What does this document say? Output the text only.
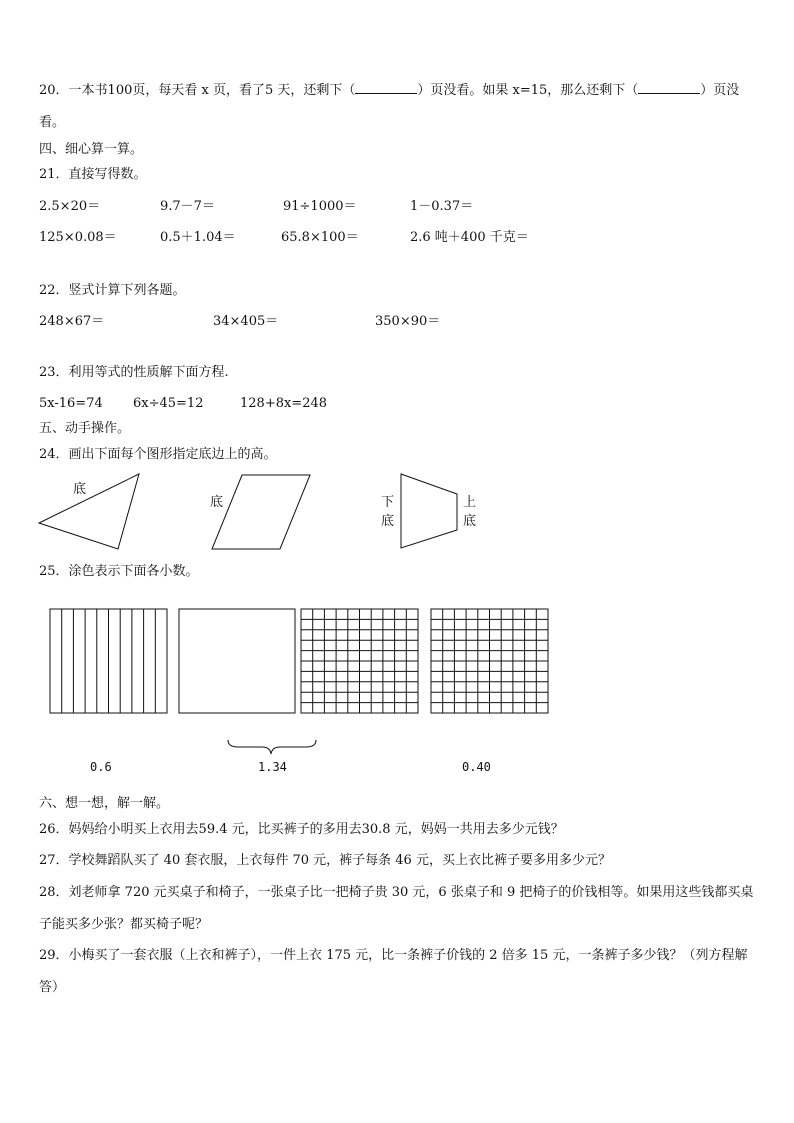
20．一本书100页，每天看 x 页，看了5 天，还剩下（	）页没看。如果 x=15，那么还剩下（	）页没看。
四、细心算一算。
21．直接写得数。
2.5×20＝	9.7－7＝	91÷1000＝	1－0.37＝
125×0.08＝	0.5＋1.04＝	65.8×100＝	2.6 吨＋400 千克＝
22．竖式计算下列各题。
248×67＝	34×405＝	350×90＝
23．利用等式的性质解下面方程.
5x-16=74 6x÷45=12	128+8x=248
五、动手操作。
24．画出下面每个图形指定底边上的高。
底
底	下
底
上
底
25．涂色表示下面各小数。
0.6	1.34	0.40
六、想一想，解一解。
26．妈妈给小明买上衣用去59.4 元，比买裤子的多用去30.8 元，妈妈一共用去多少元钱？
27．学校舞蹈队买了 40 套衣服，上衣每件 70 元，裤子每条 46 元，买上衣比裤子要多用多少元？
28．刘老师拿 720 元买桌子和椅子，一张桌子比一把椅子贵 30 元，6 张桌子和 9 把椅子的价钱相等。如果用这些钱都买桌子能买多少张？都买椅子呢？
29．小梅买了一套衣服（上衣和裤子），一件上衣 175 元，比一条裤子价钱的 2 倍多 15 元，一条裤子多少钱？（列方程解答）
